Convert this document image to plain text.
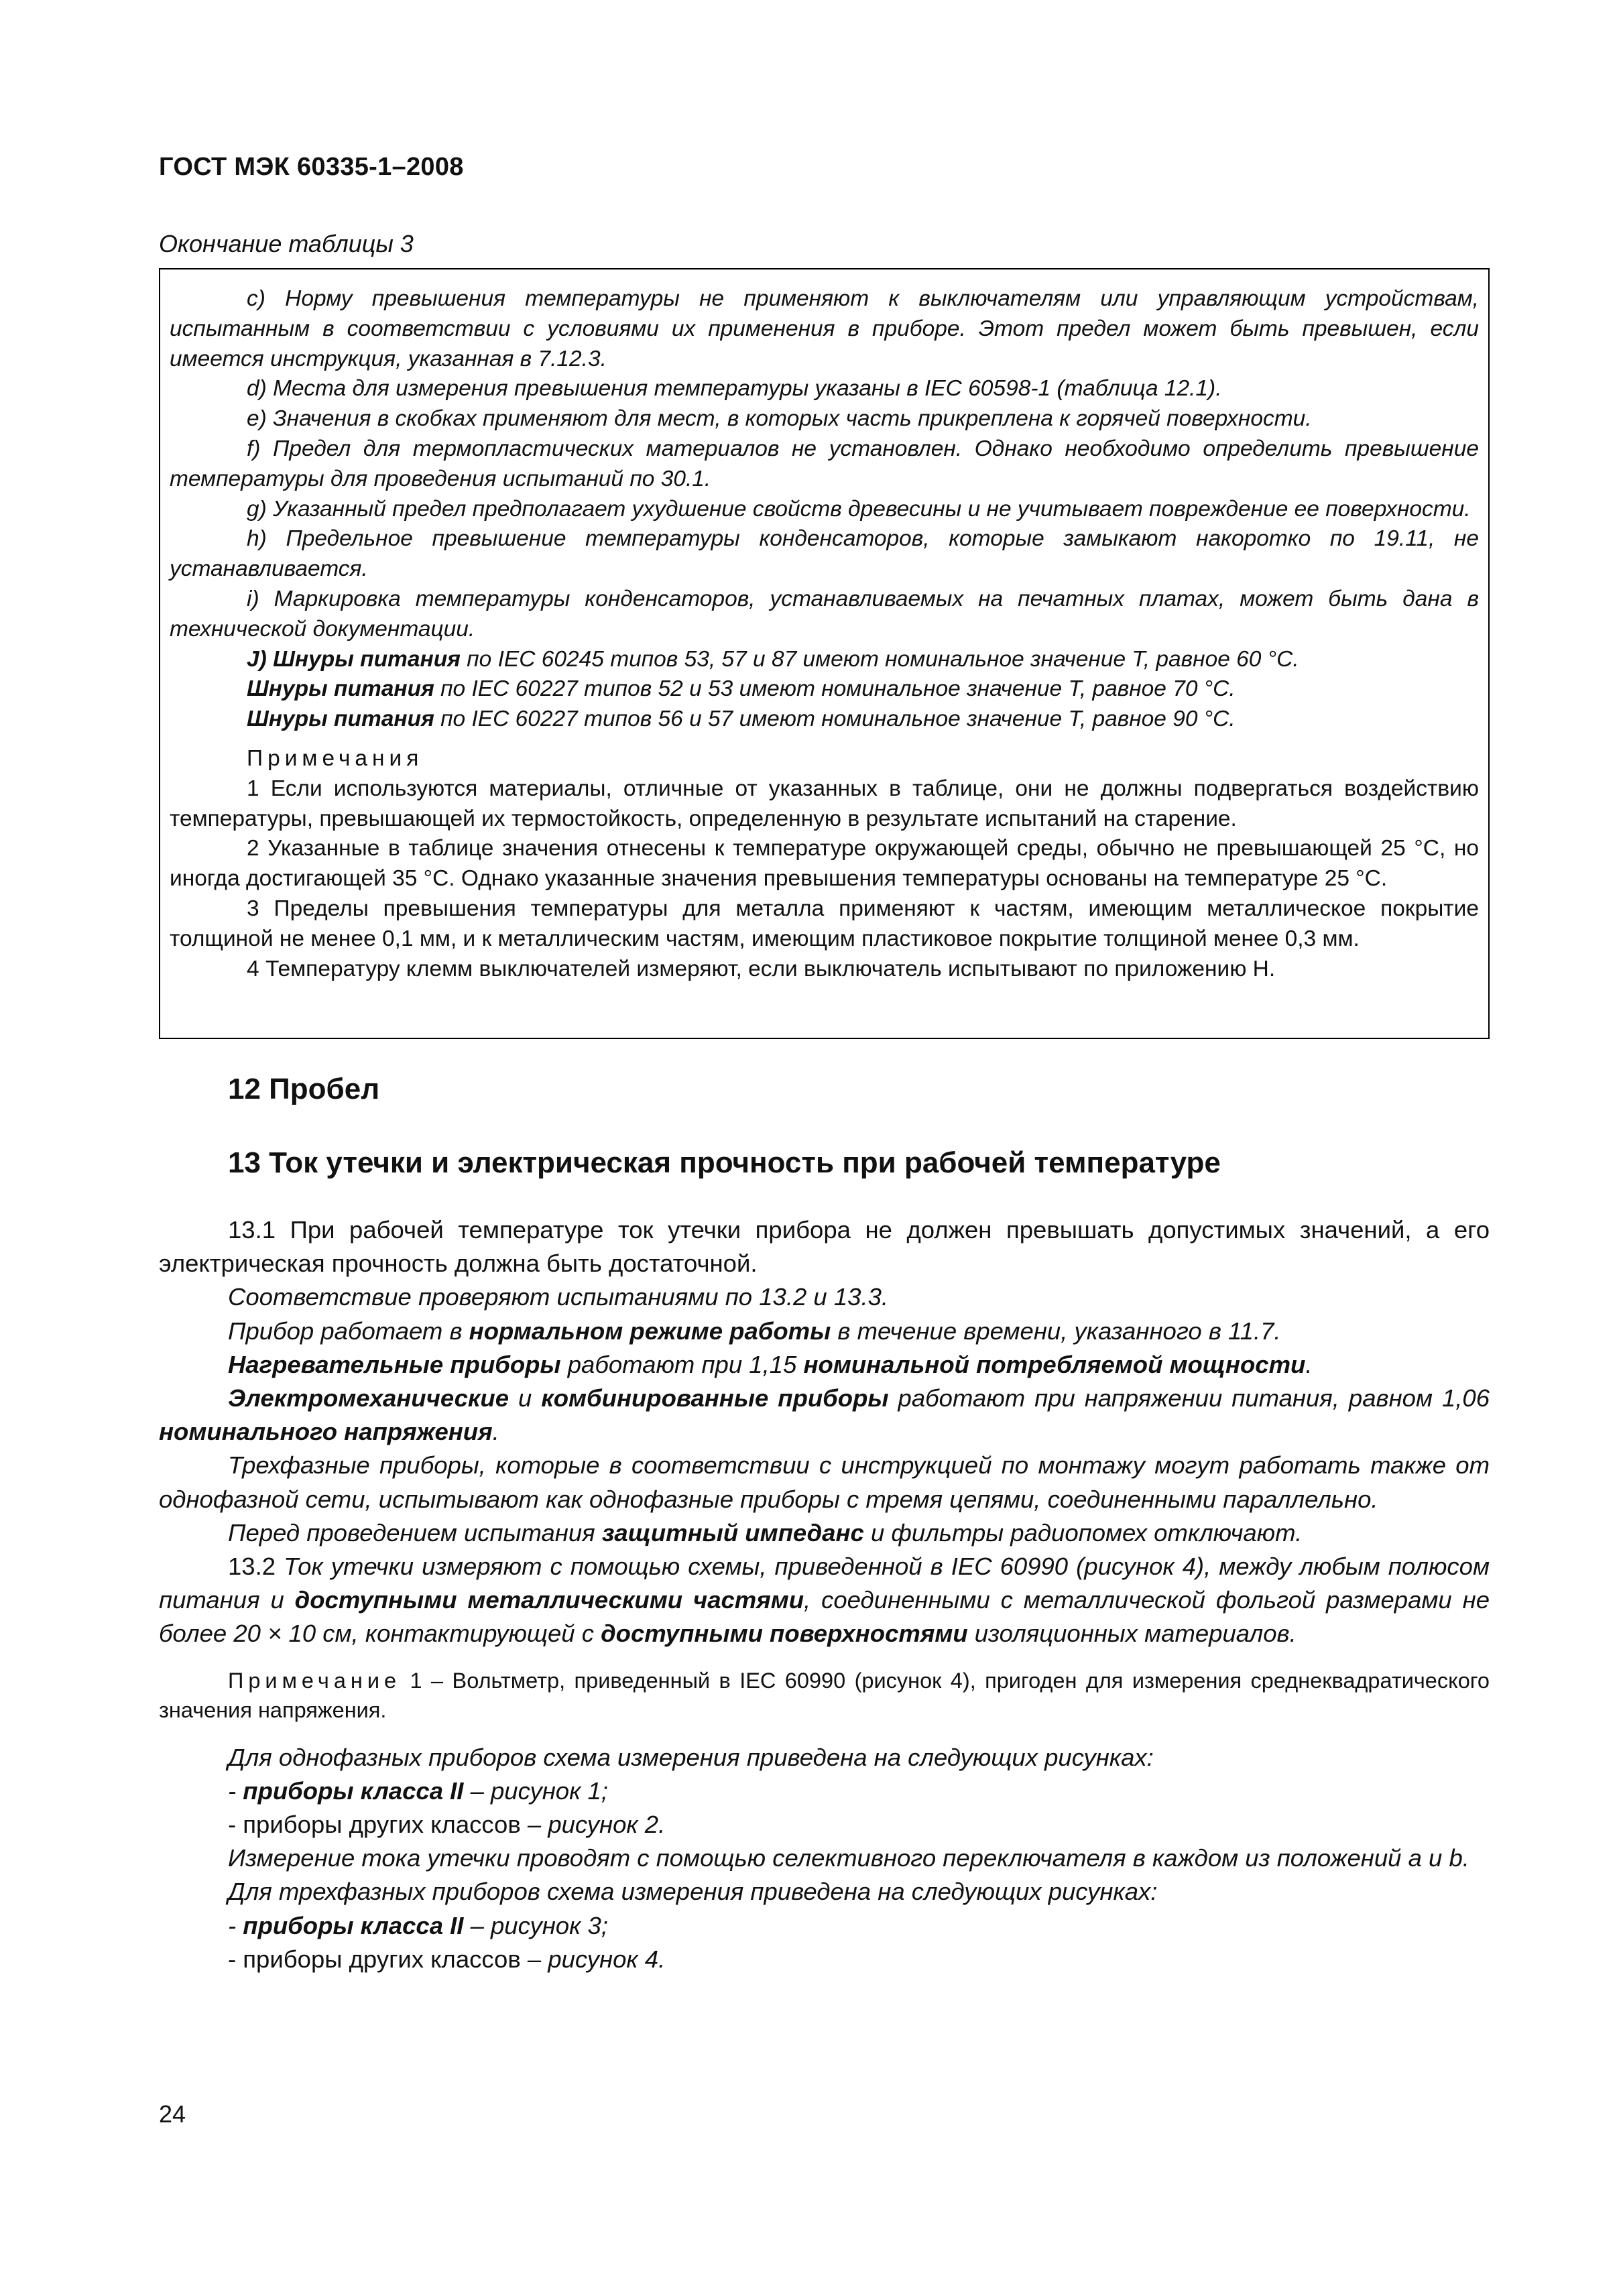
ГОСТ МЭК 60335-1–2008
Окончание таблицы 3

c) Норму превышения температуры не применяют к выключателям или управляющим устройствам, испытанным в соответствии с условиями их применения в приборе. Этот предел может быть превышен, если имеется инструкция, указанная в 7.12.3.

d) Места для измерения превышения температуры указаны в IEC 60598-1 (таблица 12.1).

e) Значения в скобках применяют для мест, в которых часть прикреплена к горячей поверхности.

f) Предел для термопластических материалов не установлен. Однако необходимо определить превышение температуры для проведения испытаний по 30.1.

g) Указанный предел предполагает ухудшение свойств древесины и не учитывает повреждение ее поверхности.

h) Предельное превышение температуры конденсаторов, которые замыкают накоротко по 19.11, не устанавливается.

i) Маркировка температуры конденсаторов, устанавливаемых на печатных платах, может быть дана в технической документации.

J) Шнуры питания по IEC 60245 типов 53, 57 и 87 имеют номинальное значение T, равное 60 °C.

Шнуры питания по IEC 60227 типов 52 и 53 имеют номинальное значение T, равное 70 °C.

Шнуры питания по IEC 60227 типов 56 и 57 имеют номинальное значение T, равное 90 °C.

Примечания

1 Если используются материалы, отличные от указанных в таблице, они не должны подвергаться воздействию температуры, превышающей их термостойкость, определенную в результате испытаний на старение.

2 Указанные в таблице значения отнесены к температуре окружающей среды, обычно не превышающей 25 °C, но иногда достигающей 35 °C. Однако указанные значения превышения температуры основаны на температуре 25 °C.

3 Пределы превышения температуры для металла применяют к частям, имеющим металлическое покрытие толщиной не менее 0,1 мм, и к металлическим частям, имеющим пластиковое покрытие толщиной менее 0,3 мм.

4 Температуру клемм выключателей измеряют, если выключатель испытывают по приложению H.

12 Пробел
13 Ток утечки и электрическая прочность при рабочей температуре

13.1 При рабочей температуре ток утечки прибора не должен превышать допустимых значений, а его электрическая прочность должна быть достаточной.

Соответствие проверяют испытаниями по 13.2 и 13.3.

Прибор работает в нормальном режиме работы в течение времени, указанного в 11.7.

Нагревательные приборы работают при 1,15 номинальной потребляемой мощности.

Электромеханические и комбинированные приборы работают при напряжении питания, равном 1,06 номинального напряжения.

Трехфазные приборы, которые в соответствии с инструкцией по монтажу могут работать также от однофазной сети, испытывают как однофазные приборы с тремя цепями, соединенными параллельно.

Перед проведением испытания защитный импеданс и фильтры радиопомех отключают.

13.2 Ток утечки измеряют с помощью схемы, приведенной в IEC 60990 (рисунок 4), между любым полюсом питания и доступными металлическими частями, соединенными с металлической фольгой размерами не более 20 × 10 см, контактирующей с доступными поверхностями изоляционных материалов.

Примечание 1 – Вольтметр, приведенный в IEC 60990 (рисунок 4), пригоден для измерения среднеквадратического значения напряжения.

Для однофазных приборов схема измерения приведена на следующих рисунках:

- приборы класса II – рисунок 1;

- приборы других классов – рисунок 2.

Измерение тока утечки проводят с помощью селективного переключателя в каждом из положений a и b.

Для трехфазных приборов схема измерения приведена на следующих рисунках:

- приборы класса II – рисунок 3;

- приборы других классов – рисунок 4.

24
